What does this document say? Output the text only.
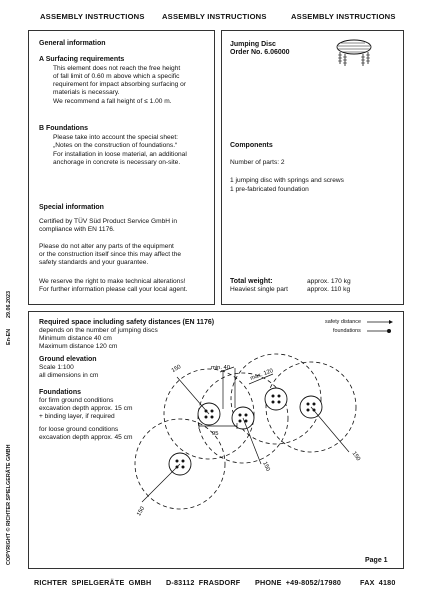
ASSEMBLY INSTRUCTIONS ASSEMBLY INSTRUCTIONS	ASSEMBLY INSTRUCTIONS
29.06.2023
En-EN
COPYRIGHT © RICHTER SPIELGERÄTE GMBH
General information
A Surfacing requirements
This element does not reach the free height
of fall limit of 0.60 m above which a specific
requirement for impact absorbing surfacing or
materials is necessary.
We recommend a fall height of ≤ 1.00 m.
B Foundations
Please take into account the special sheet:
„Notes on the construction of foundations.“
For installation in loose material, an additional
anchorage in concrete is necessary on-site.
Special information
Certified by TÜV Süd Product Service GmbH in
compliance with EN 1176.
Please do not alter any parts of the equipment
or the construction itself since this may affect the
safety standards and your guarantee.
We reserve the right to make technical alterations!
For further information please call your local agent.
Jumping Disc
Order No. 6.06000
Components
Number of parts: 2
1 jumping disc with springs and screws
1 pre-fabricated foundation
Total weight:	approx. 170 kg
Heaviest single part	approx. 110 kg
Required space including safety distances (EN 1176)
depends on the number of jumping discs
Minimum distance 40 cm
Maximum distance 120 cm
Ground elevation
Scale 1:100
all dimensions in cm
Foundations
for firm ground conditions
excavation depth approx. 15 cm
+ binding layer, if required
for loose ground conditions
excavation depth approx. 45 cm
safety distance
foundations
150	min. 40
max. 120
95
150
150
150
Page 1
RICHTER SPIELGERÄTE GMBH D-83112 FRASDORF PHONE +49-8052/17980	FAX 4180
